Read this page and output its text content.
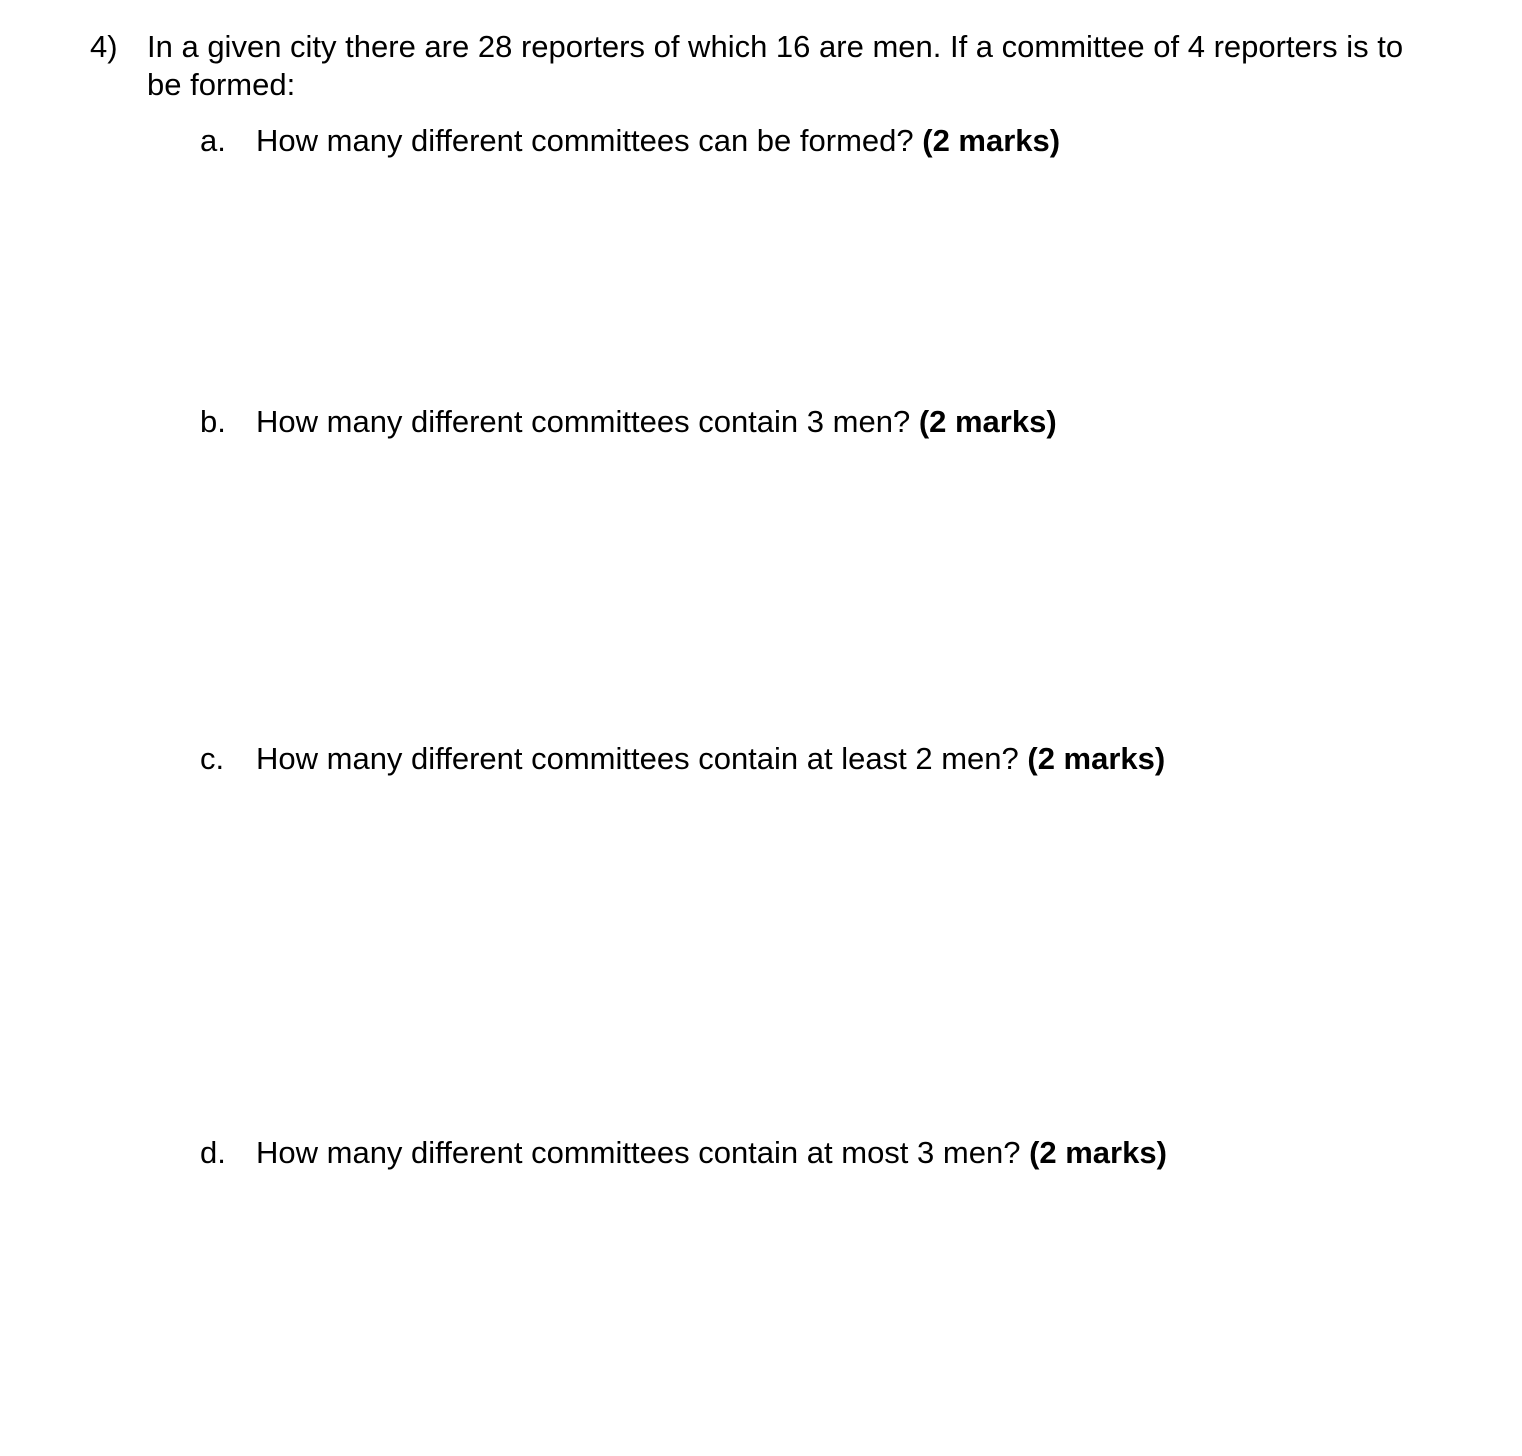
4) In a given city there are 28 reporters of which 16 are men. If a committee of 4 reporters is to be formed:
a. How many different committees can be formed? (2 marks)
b. How many different committees contain 3 men? (2 marks)
c. How many different committees contain at least 2 men? (2 marks)
d. How many different committees contain at most 3 men? (2 marks)
